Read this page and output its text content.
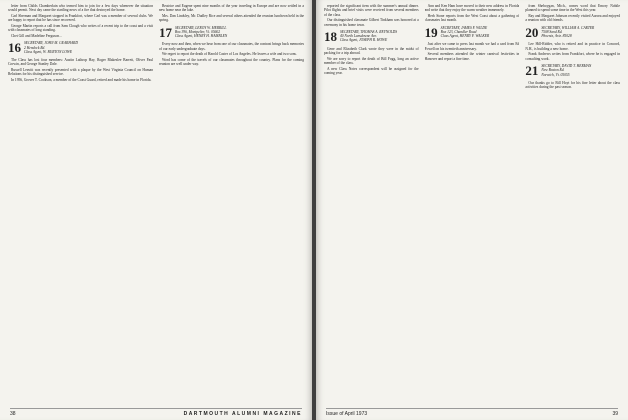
letter from Childs Chamberlain who termed him to join for a few days whenever the situation would permit. Next day came the startling news of a fire that destroyed the home.

Carl Sherman and Margaret stopped in Frankfort, where Carl was a member of several clubs. We are happy to report that he has since recovered.

George Martin reports a call from Sam Clough who writes of a recent trip to the coast and a visit with classmates of long standing.

Chet Gill and Madeline Ferguson...

16 SECRETARY, JOHN M. GEARHARD
2 Hemlock Rd.
Class Agent, W. BURTON LOWE

The Class has lost four members: Austin Lathrop Hay, Roger Blakeslee Barrett, Oliver Paul Corwin, and George Stanley Dale.

Russell Leavitt was recently presented with a plaque by the West Virginia Council on Human Relations for his distinguished service.

In 1956, Grover T. Cookson, a member of the Coast Guard, retired and made his home in Florida.

Beatrice and Eugene spent nine months of the year traveling in Europe and are now settled in a new home near the lake.

Mrs. Dan Lindsley, Mr. Dudley Rice and several others attended the reunion luncheon held in the spring.

17 SECRETARY, LEROY W. MERRILL
Box 396, Montpelier, Vt. 05602
Class Agent, HENRY H. HAMBLEN

Every now and then, when we hear from one of our classmates, the contrast brings back memories of our early undergraduate days.

We regret to report the death of Harold Caster of Los Angeles. He leaves a wife and two sons.

Word has come of the travels of our classmates throughout the country. Plans for the coming reunion are well under way.

38	DARTMOUTH ALUMNI MAGAZINE

reported the significant item with the summer's annual dinner. Pilot flights and brief visits were received from several members of the class.

Our distinguished classmate Gilbert Tinkham was honored at a ceremony in his home town.

18 SECRETARY, THOMAS A. REYNOLDS
40 North Lansdowne Ave.
Class Agent, JOSEPH R. HOWE

Gene and Elizabeth Clark wrote they were in the midst of packing for a trip abroad.

We are sorry to report the death of Bill Fogg, long an active member of the class.

A new Class Notes correspondent will be assigned for the coming year.

Ann and Ken Ham have moved to their new address in Florida and write that they enjoy the warm weather immensely.

Herb Stone reports from the West Coast about a gathering of classmates last month.

19 SECRETARY, JAMES F. WILDE
Box 123, Chandler Road
Class Agent, HENRY F. WALKER

Just after we came to press last month we had a card from Ed Fowell on his twentieth anniversary.

Several members attended the winter carnival festivities in Hanover and report a fine time.

from Sheboygan, Mich., comes word that Emory Nobile planned to spend some time in the West this year.

Ray and Margaret Johnson recently visited Aurora and enjoyed a reunion with old friends.

20 SECRETARY, WILLIAM A. CARTER
7508 Sand Rd.
Phoenix, Ariz. 85028

Lee Hill-Ridder, who is retired and in practice in Concord, N.H., is building a new home.

Frank Andrews writes from Frankfort, where he is engaged in consulting work.

21 SECRETARY, DAVID T. HERMAN
New Boston Rd.
Norwich, Vt. 05055

Our thanks go to Bill Hoyt for his fine letter about the class activities during the past season.

Issue of April 1973	39
